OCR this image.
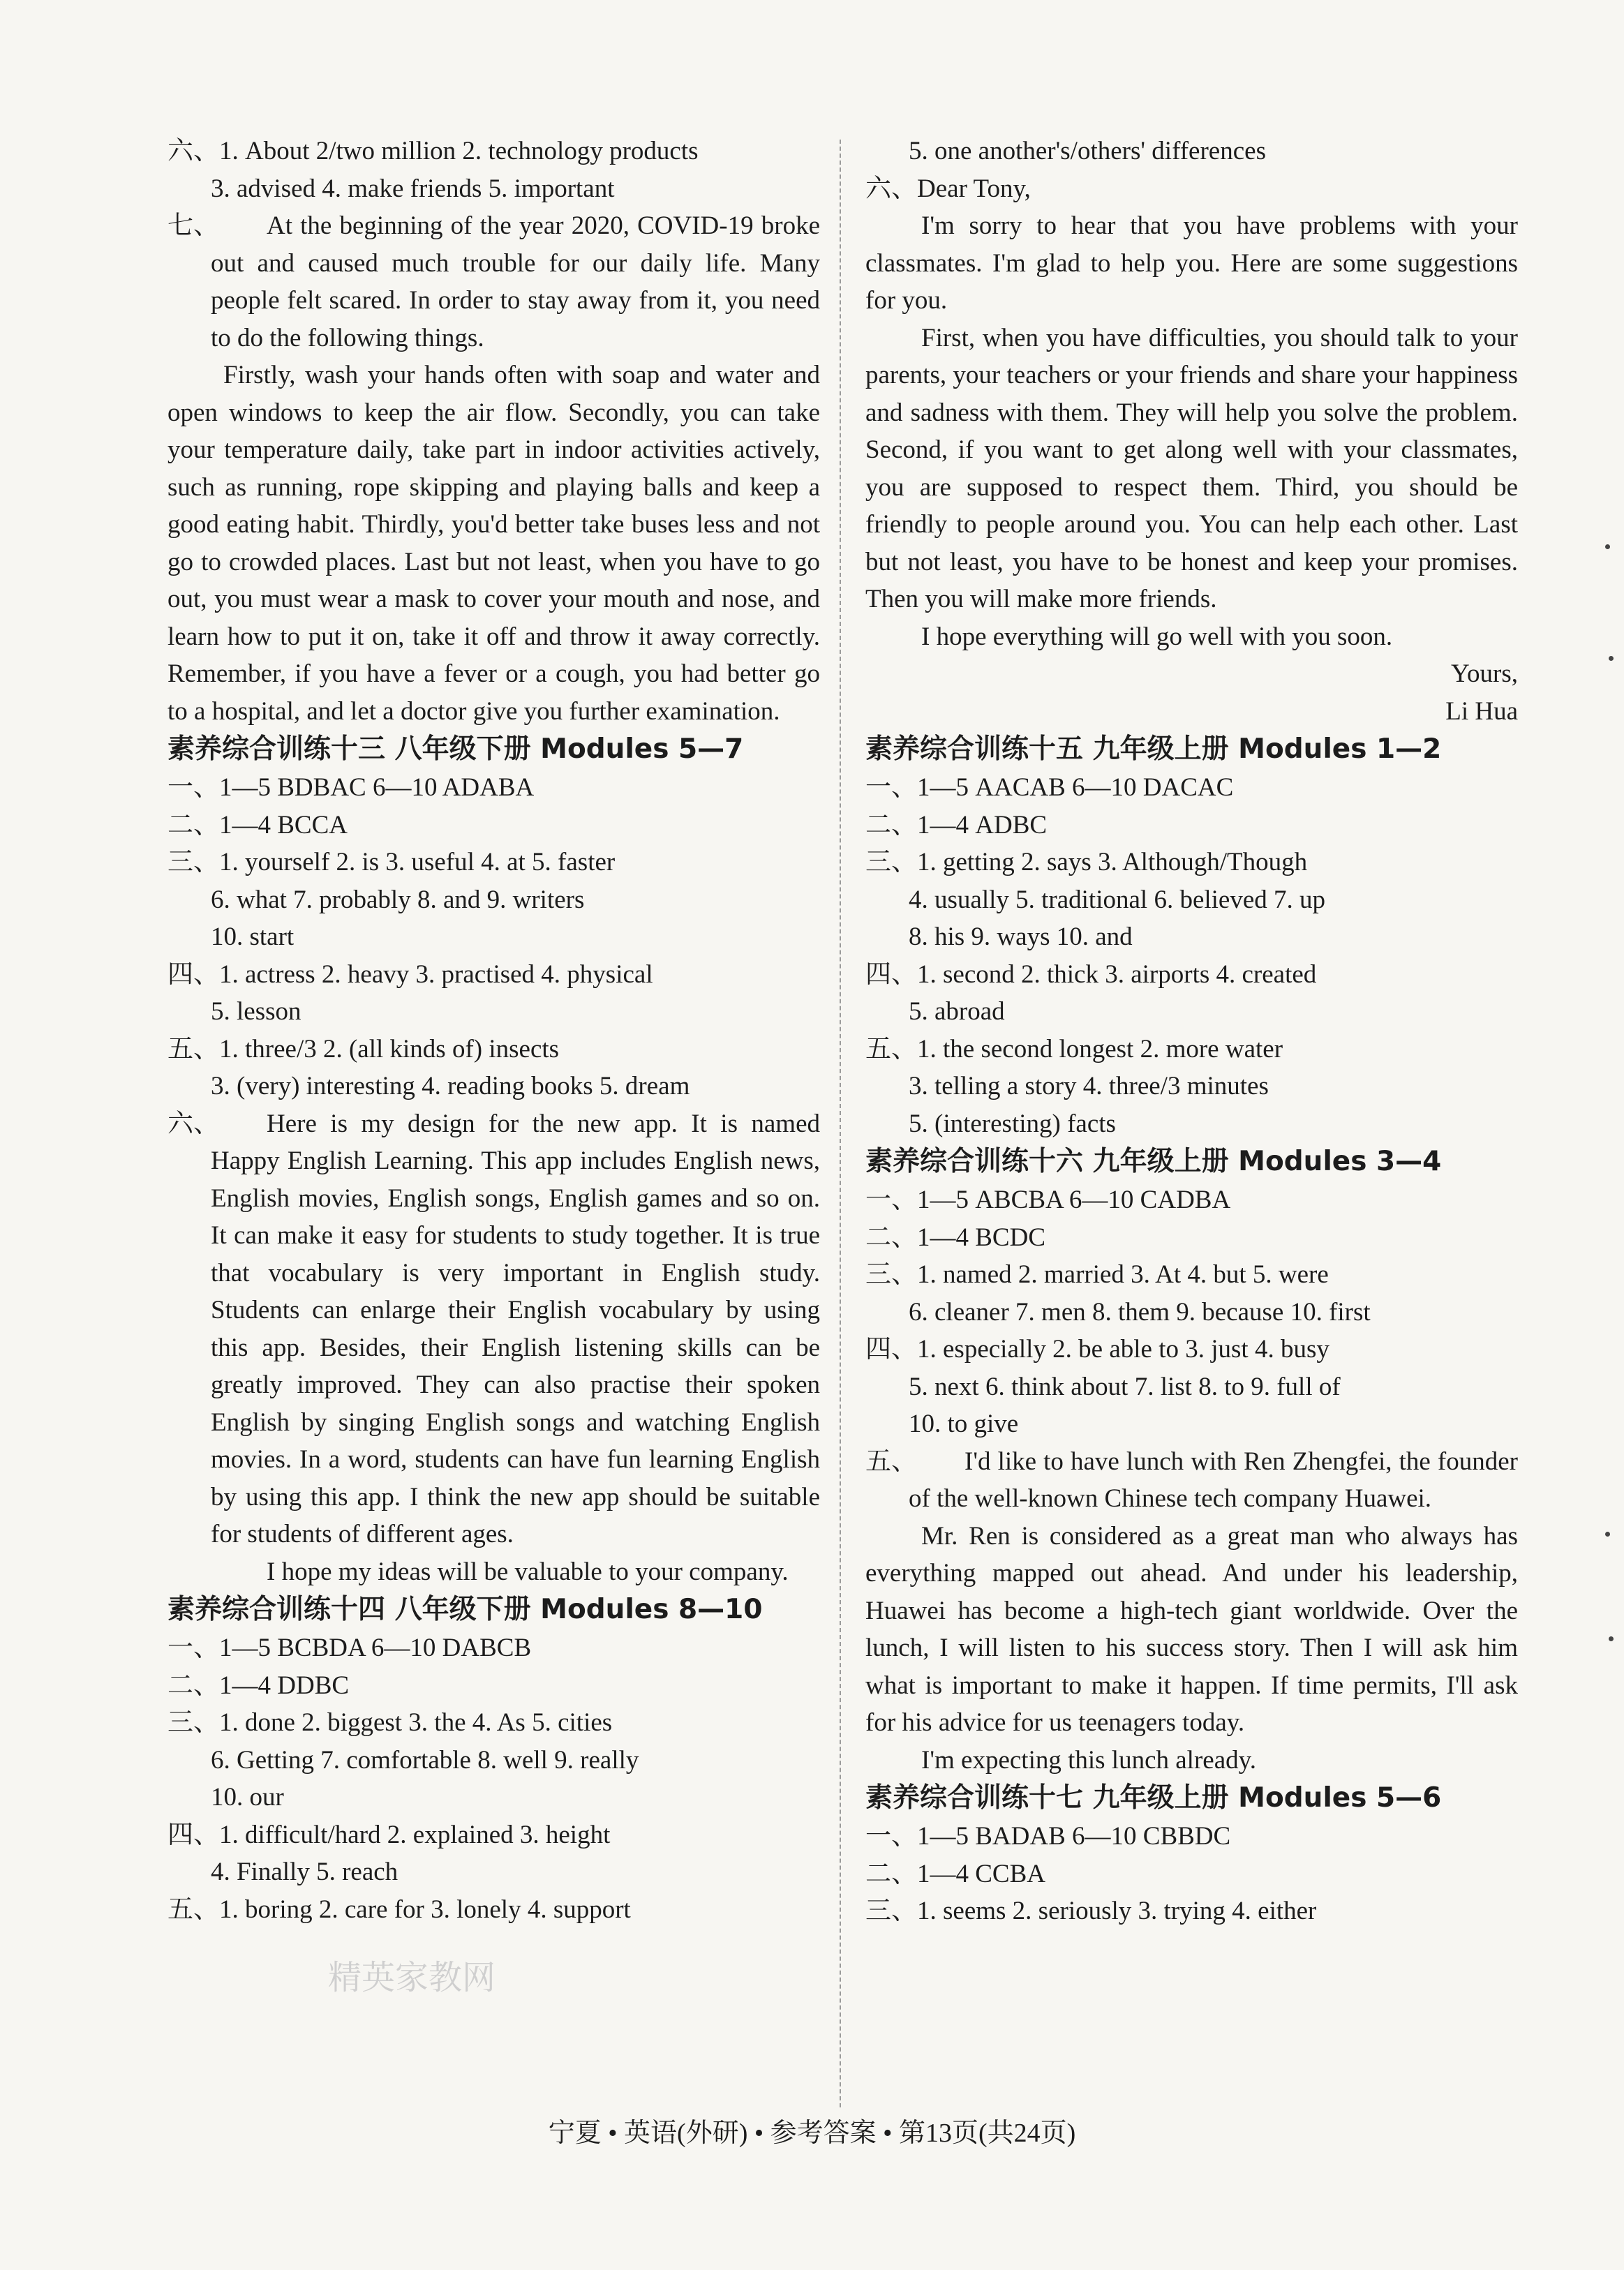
六、1. About 2/two million 2. technology products
3. advised 4. make friends 5. important
七、	At the beginning of the year 2020, COVID-19 broke out and caused much trouble for our daily life. Many people felt scared. In order to stay away from it, you need to do the following things.
Firstly, wash your hands often with soap and water and open windows to keep the air flow. Secondly, you can take your temperature daily, take part in indoor activities actively, such as running, rope skipping and playing balls and keep a good eating habit. Thirdly, you'd better take buses less and not go to crowded places. Last but not least, when you have to go out, you must wear a mask to cover your mouth and nose, and learn how to put it on, take it off and throw it away correctly. Remember, if you have a fever or a cough, you had better go to a hospital, and let a doctor give you further examination.
素养综合训练十三 八年级下册 Modules 5—7
一、1—5 BDBAC 6—10 ADABA
二、1—4 BCCA
三、1. yourself 2. is 3. useful 4. at 5. faster
6. what 7. probably 8. and 9. writers
10. start
四、1. actress 2. heavy 3. practised 4. physical
5. lesson
五、1. three/3 2. (all kinds of) insects
3. (very) interesting 4. reading books 5. dream
六、	Here is my design for the new app. It is named Happy English Learning. This app includes English news, English movies, English songs, English games and so on. It can make it easy for students to study together. It is true that vocabulary is very important in English study. Students can enlarge their English vocabulary by using this app. Besides, their English listening skills can be greatly improved. They can also practise their spoken English by singing English songs and watching English movies. In a word, students can have fun learning English by using this app. I think the new app should be suitable for students of different ages.
I hope my ideas will be valuable to your company.
素养综合训练十四 八年级下册 Modules 8—10
一、1—5 BCBDA 6—10 DABCB
二、1—4 DDBC
三、1. done 2. biggest 3. the 4. As 5. cities
6. Getting 7. comfortable 8. well 9. really
10. our
四、1. difficult/hard 2. explained 3. height
4. Finally 5. reach
五、1. boring 2. care for 3. lonely 4. support
5. one another's/others' differences
六、Dear Tony,
I'm sorry to hear that you have problems with your classmates. I'm glad to help you. Here are some suggestions for you.
First, when you have difficulties, you should talk to your parents, your teachers or your friends and share your happiness and sadness with them. They will help you solve the problem. Second, if you want to get along well with your classmates, you are supposed to respect them. Third, you should be friendly to people around you. You can help each other. Last but not least, you have to be honest and keep your promises. Then you will make more friends.
I hope everything will go well with you soon.
Yours,
Li Hua
素养综合训练十五 九年级上册 Modules 1—2
一、1—5 AACAB 6—10 DACAC
二、1—4 ADBC
三、1. getting 2. says 3. Although/Though
4. usually 5. traditional 6. believed 7. up
8. his 9. ways 10. and
四、1. second 2. thick 3. airports 4. created
5. abroad
五、1. the second longest 2. more water
3. telling a story 4. three/3 minutes
5. (interesting) facts
素养综合训练十六 九年级上册 Modules 3—4
一、1—5 ABCBA 6—10 CADBA
二、1—4 BCDC
三、1. named 2. married 3. At 4. but 5. were
6. cleaner 7. men 8. them 9. because 10. first
四、1. especially 2. be able to 3. just 4. busy
5. next 6. think about 7. list 8. to 9. full of
10. to give
五、	I'd like to have lunch with Ren Zhengfei, the founder of the well-known Chinese tech company Huawei.
Mr. Ren is considered as a great man who always has everything mapped out ahead. And under his leadership, Huawei has become a high-tech giant worldwide. Over the lunch, I will listen to his success story. Then I will ask him what is important to make it happen. If time permits, I'll ask for his advice for us teenagers today.
I'm expecting this lunch already.
素养综合训练十七 九年级上册 Modules 5—6
一、1—5 BADAB 6—10 CBBDC
二、1—4 CCBA
三、1. seems 2. seriously 3. trying 4. either
精英家教网
宁夏 • 英语(外研) • 参考答案 • 第13页(共24页)
